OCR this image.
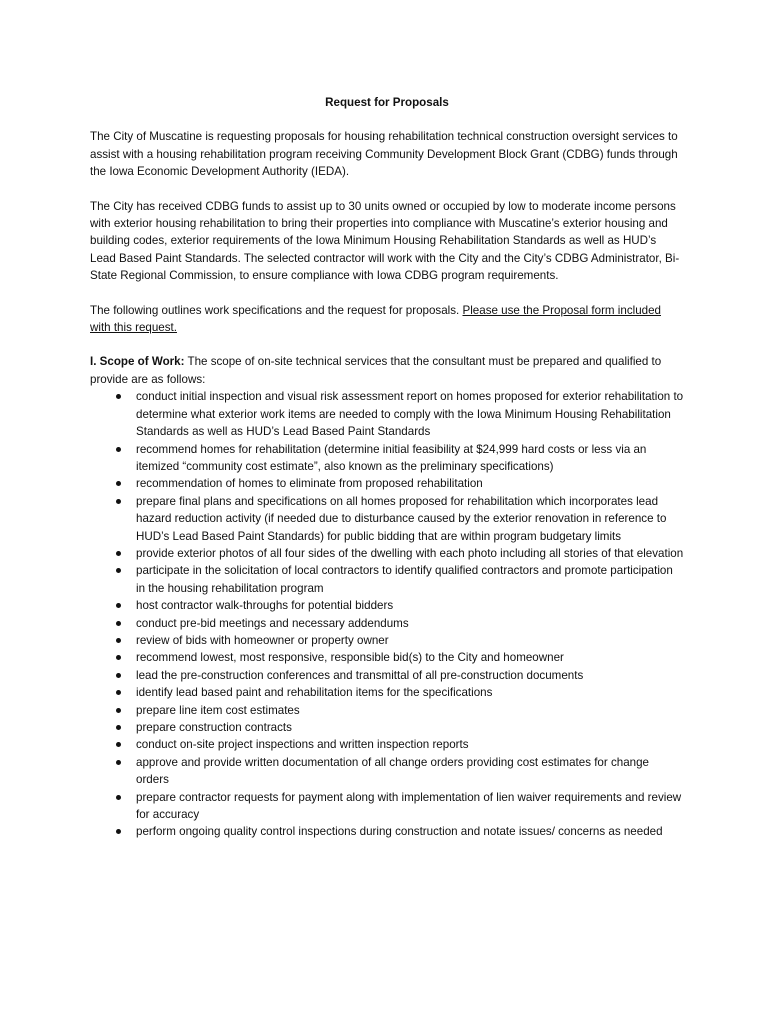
Request for Proposals

The City of Muscatine is requesting proposals for housing rehabilitation technical construction oversight services to assist with a housing rehabilitation program receiving Community Development Block Grant (CDBG) funds through the Iowa Economic Development Authority (IEDA).

The City has received CDBG funds to assist up to 30 units owned or occupied by low to moderate income persons with exterior housing rehabilitation to bring their properties into compliance with Muscatine’s exterior housing and building codes, exterior requirements of the Iowa Minimum Housing Rehabilitation Standards as well as HUD’s Lead Based Paint Standards. The selected contractor will work with the City and the City’s CDBG Administrator, Bi-State Regional Commission, to ensure compliance with Iowa CDBG program requirements.

The following outlines work specifications and the request for proposals. Please use the Proposal form included with this request.

I. Scope of Work: The scope of on-site technical services that the consultant must be prepared and qualified to provide are as follows:
conduct initial inspection and visual risk assessment report on homes proposed for exterior rehabilitation to determine what exterior work items are needed to comply with the Iowa Minimum Housing Rehabilitation Standards as well as HUD’s Lead Based Paint Standards
recommend homes for rehabilitation (determine initial feasibility at $24,999 hard costs or less via an itemized “community cost estimate”, also known as the preliminary specifications)
recommendation of homes to eliminate from proposed rehabilitation
prepare final plans and specifications on all homes proposed for rehabilitation which incorporates lead hazard reduction activity (if needed due to disturbance caused by the exterior renovation in reference to HUD’s Lead Based Paint Standards) for public bidding that are within program budgetary limits
provide exterior photos of all four sides of the dwelling with each photo including all stories of that elevation
participate in the solicitation of local contractors to identify qualified contractors and promote participation in the housing rehabilitation program
host contractor walk-throughs for potential bidders
conduct pre-bid meetings and necessary addendums
review of bids with homeowner or property owner
recommend lowest, most responsive, responsible bid(s) to the City and homeowner
lead the pre-construction conferences and transmittal of all pre-construction documents
identify lead based paint and rehabilitation items for the specifications
prepare line item cost estimates
prepare construction contracts
conduct on-site project inspections and written inspection reports
approve and provide written documentation of all change orders providing cost estimates for change orders
prepare contractor requests for payment along with implementation of lien waiver requirements and review for accuracy
perform ongoing quality control inspections during construction and notate issues/ concerns as needed
